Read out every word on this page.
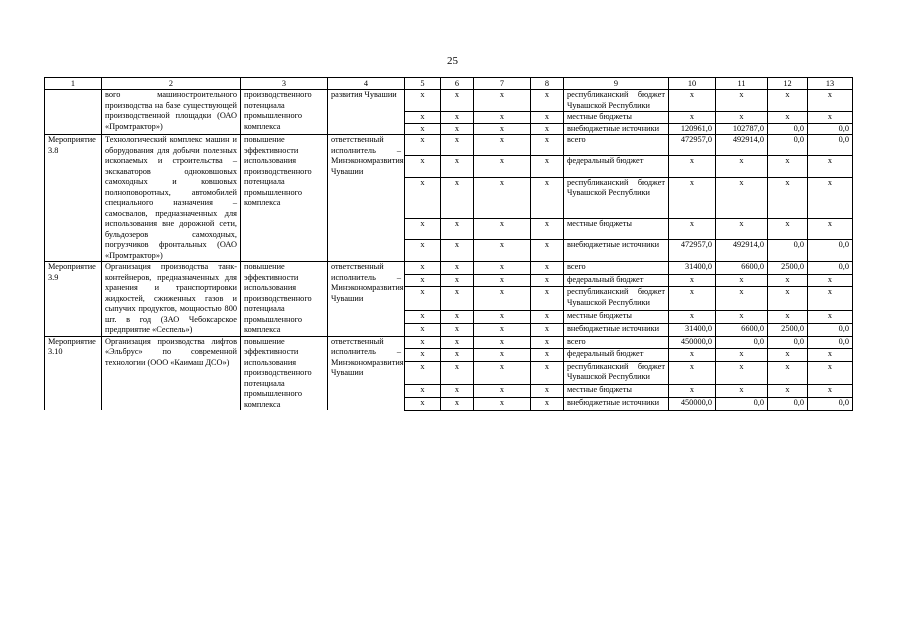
25
1	2	3	4	5	6	7	8	9	10	11	12	13
	вого машиностроительного производства на базе существующей производственной площадки (ОАО «Промтрактор»)	производственного потенциала промышленного комплекса	развития Чувашии	x	x	x	x	республиканский бюджет Чувашской Республики	x	x	x	x
				x	x	x	x	местные бюджеты	x	x	x	x
				x	x	x	x	внебюджетные источники	120961,0	102787,0	0,0	0,0
Мероприятие 3.8	Технологический комплекс машин и оборудования для добычи полезных ископаемых и строительства – экскаваторов одноковшовых самоходных и ковшовых полноповоротных, автомобилей специального назначения – самосвалов, предназначенных для использования вне дорожной сети, бульдозеров самоходных, погрузчиков фронтальных (ОАО «Промтрактор»)	повышение эффективности использования производственного потенциала промышленного комплекса	ответственный исполнитель – Минэкономразвития Чувашии	x	x	x	x	всего	472957,0	492914,0	0,0	0,0
				x	x	x	x	федеральный бюджет	x	x	x	x
				x	x	x	x	республиканский бюджет Чувашской Республики	x	x	x	x
				x	x	x	x	местные бюджеты	x	x	x	x
				x	x	x	x	внебюджетные источники	472957,0	492914,0	0,0	0,0
Мероприятие 3.9	Организация производства танк-контейнеров, предназначенных для хранения и транспортировки жидкостей, сжиженных газов и сыпучих продуктов, мощностью 800 шт. в год (ЗАО Чебоксарское предприятие «Сеспель»)	повышение эффективности использования производственного потенциала промышленного комплекса	ответственный исполнитель – Минэкономразвития Чувашии	x	x	x	x	всего	31400,0	6600,0	2500,0	0,0
				x	x	x	x	федеральный бюджет	x	x	x	x
				x	x	x	x	республиканский бюджет Чувашской Республики	x	x	x	x
				x	x	x	x	местные бюджеты	x	x	x	x
				x	x	x	x	внебюджетные источники	31400,0	6600,0	2500,0	0,0
Мероприятие 3.10	Организация производства лифтов «Эльбрус» по современной технологии (ООО «Каимаш ДСО»)	повышение эффективности использования производственного потенциала промышленного комплекса	ответственный исполнитель – Минэкономразвития Чувашии	x	x	x	x	всего	450000,0	0,0	0,0	0,0
				x	x	x	x	федеральный бюджет	x	x	x	x
				x	x	x	x	республиканский бюджет Чувашской Республики	x	x	x	x
				x	x	x	x	местные бюджеты	x	x	x	x
				x	x	x	x	внебюджетные источники	450000,0	0,0	0,0	0,0
